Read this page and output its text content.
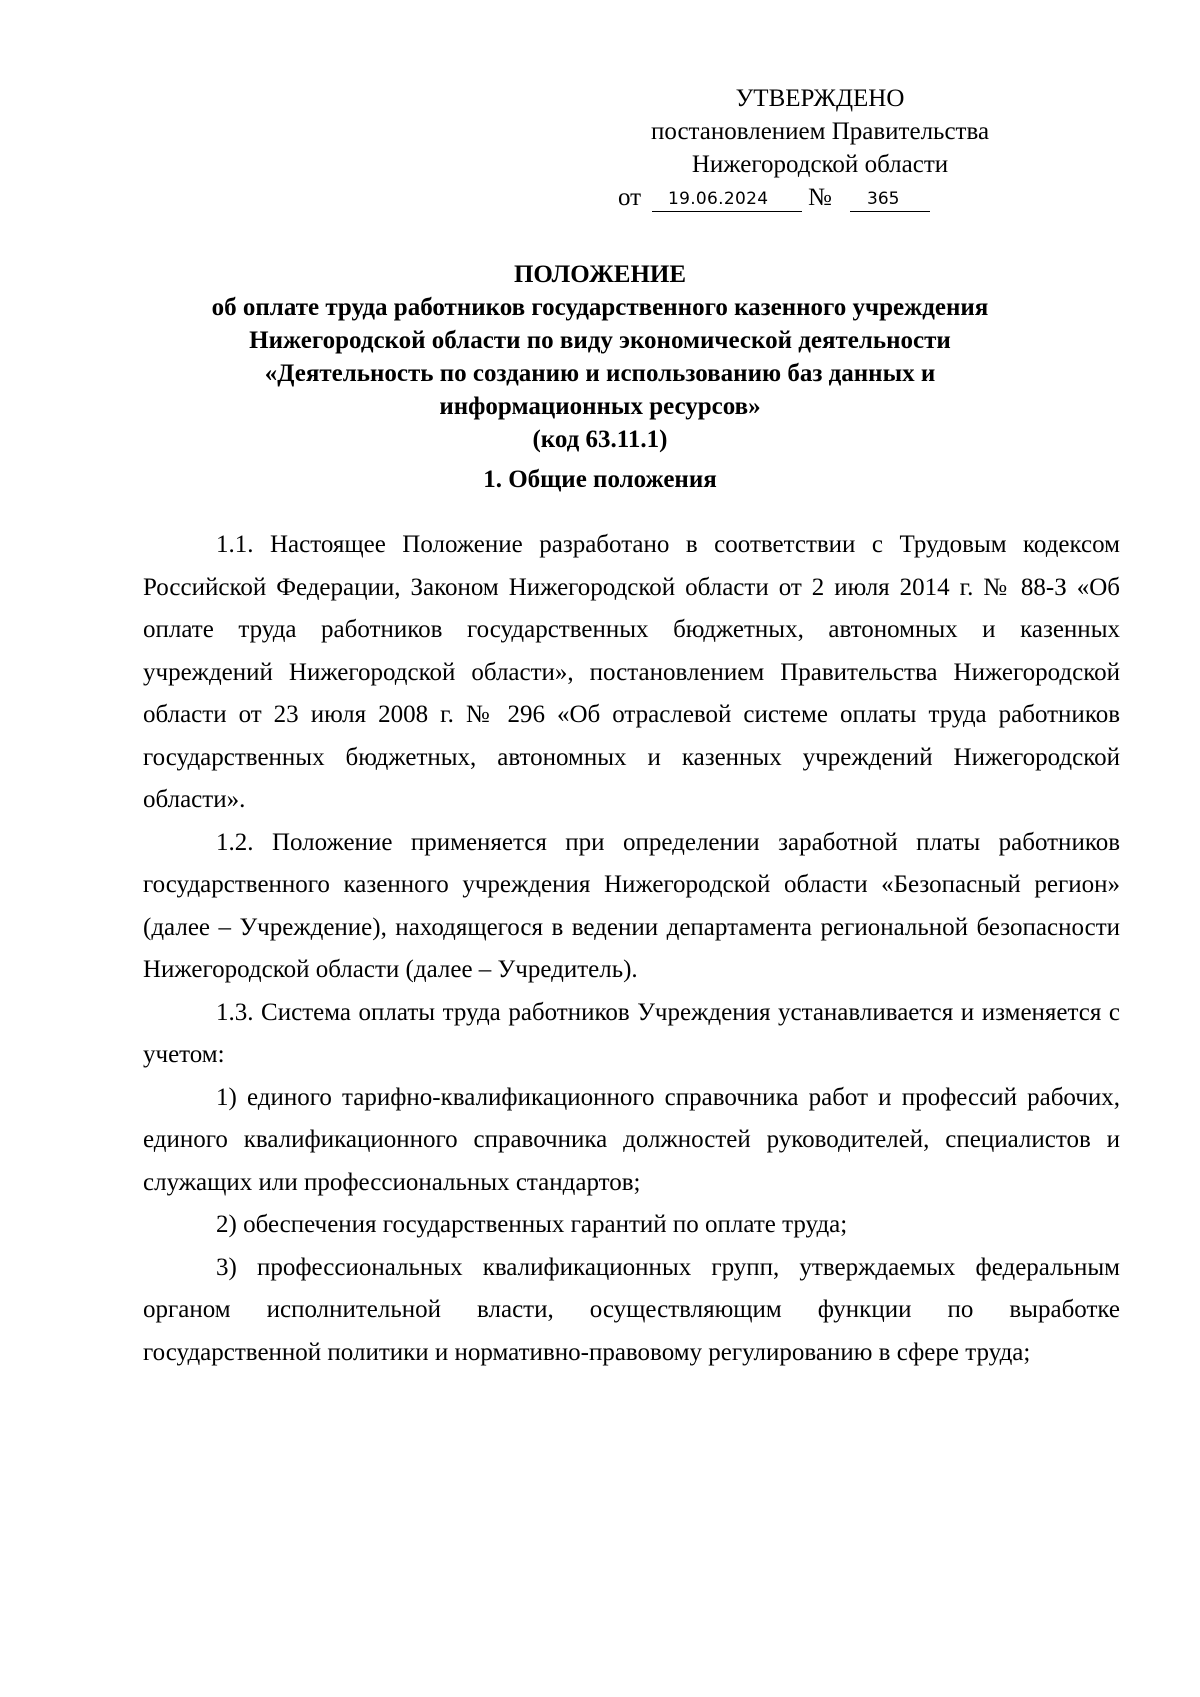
УТВЕРЖДЕНО
постановлением Правительства
Нижегородской области
от 19.06.2024 № 365
ПОЛОЖЕНИЕ
об оплате труда работников государственного казенного учреждения
Нижегородской области по виду экономической деятельности
«Деятельность по созданию и использованию баз данных и
информационных ресурсов»
(код 63.11.1)
1. Общие положения

1.1. Настоящее Положение разработано в соответствии с Трудовым кодексом Российской Федерации, Законом Нижегородской области от 2 июля 2014 г. № 88-З «Об оплате труда работников государственных бюджетных, автономных и казенных учреждений Нижегородской области», постановлением Правительства Нижегородской области от 23 июля 2008 г. № 296 «Об отраслевой системе оплаты труда работников государственных бюджетных, автономных и казенных учреждений Нижегородской области».

1.2. Положение применяется при определении заработной платы работников государственного казенного учреждения Нижегородской области «Безопасный регион» (далее – Учреждение), находящегося в ведении департамента региональной безопасности Нижегородской области (далее – Учредитель).

1.3. Система оплаты труда работников Учреждения устанавливается и изменяется с учетом:

1) единого тарифно-квалификационного справочника работ и профессий рабочих, единого квалификационного справочника должностей руководителей, специалистов и служащих или профессиональных стандартов;

2) обеспечения государственных гарантий по оплате труда;

3) профессиональных квалификационных групп, утверждаемых федеральным органом исполнительной власти, осуществляющим функции по выработке государственной политики и нормативно-правовому регулированию в сфере труда;
